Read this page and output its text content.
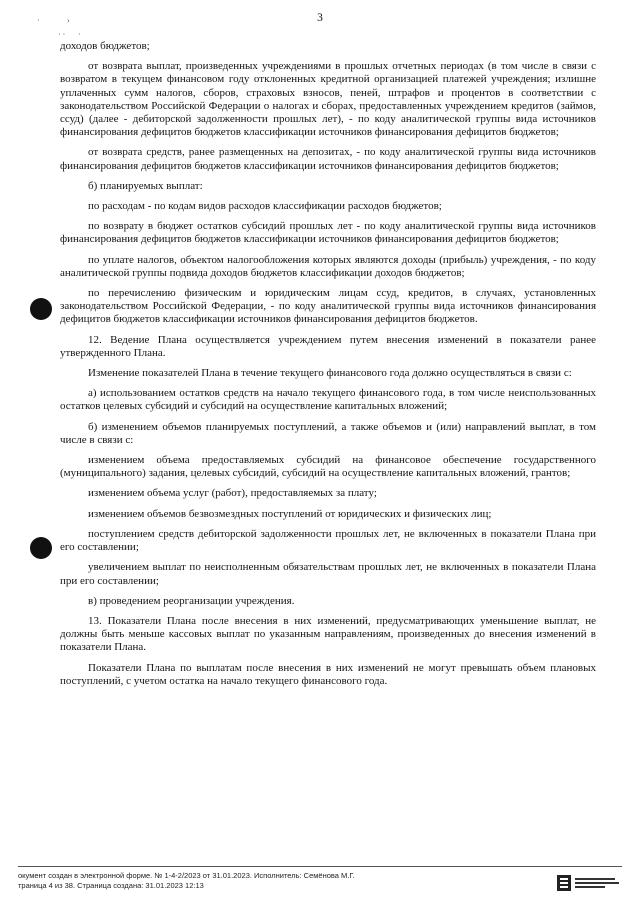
3
·	›
· · ·

доходов бюджетов;

от возврата выплат, произведенных учреждениями в прошлых отчетных периодах (в том числе в связи с возвратом в текущем финансовом году отклоненных кредитной организацией платежей учреждения; излишне уплаченных сумм налогов, сборов, страховых взносов, пеней, штрафов и процентов в соответствии с законодательством Российской Федерации о налогах и сборах, предоставленных учреждением кредитов (займов, ссуд) (далее - дебиторской задолженности прошлых лет), - по коду аналитической группы вида источников финансирования дефицитов бюджетов классификации источников финансирования дефицитов бюджетов;

от возврата средств, ранее размещенных на депозитах, - по коду аналитической группы вида источников финансирования дефицитов бюджетов классификации источников финансирования дефицитов бюджетов;

б) планируемых выплат:

по расходам - по кодам видов расходов классификации расходов бюджетов;

по возврату в бюджет остатков субсидий прошлых лет - по коду аналитической группы вида источников финансирования дефицитов бюджетов классификации источников финансирования дефицитов бюджетов;

по уплате налогов, объектом налогообложения которых являются доходы (прибыль) учреждения, - по коду аналитической группы подвида доходов бюджетов классификации доходов бюджетов;

по перечислению физическим и юридическим лицам ссуд, кредитов, в случаях, установленных законодательством Российской Федерации, - по коду аналитической группы вида источников финансирования дефицитов бюджетов классификации источников финансирования дефицитов бюджетов.

12. Ведение Плана осуществляется учреждением путем внесения изменений в показатели ранее утвержденного Плана.

Изменение показателей Плана в течение текущего финансового года должно осуществляться в связи с:

а) использованием остатков средств на начало текущего финансового года, в том числе неиспользованных остатков целевых субсидий и субсидий на осуществление капитальных вложений;

б) изменением объемов планируемых поступлений, а также объемов и (или) направлений выплат, в том числе в связи с:

изменением объема предоставляемых субсидий на финансовое обеспечение государственного (муниципального) задания, целевых субсидий, субсидий на осуществление капитальных вложений, грантов;

изменением объема услуг (работ), предоставляемых за плату;

изменением объемов безвозмездных поступлений от юридических и физических лиц;

поступлением средств дебиторской задолженности прошлых лет, не включенных в показатели Плана при его составлении;

увеличением выплат по неисполненным обязательствам прошлых лет, не включенных в показатели Плана при его составлении;

в) проведением реорганизации учреждения.

13. Показатели Плана после внесения в них изменений, предусматривающих уменьшение выплат, не должны быть меньше кассовых выплат по указанным направлениям, произведенных до внесения изменений в показатели Плана.

Показатели Плана по выплатам после внесения в них изменений не могут превышать объем плановых поступлений, с учетом остатка на начало текущего финансового года.

окумент создан в электронной форме. № 1-4-2/2023 от 31.01.2023. Исполнитель: Семёнова М.Г.
траница 4 из 38. Страница создана: 31.01.2023 12:13
